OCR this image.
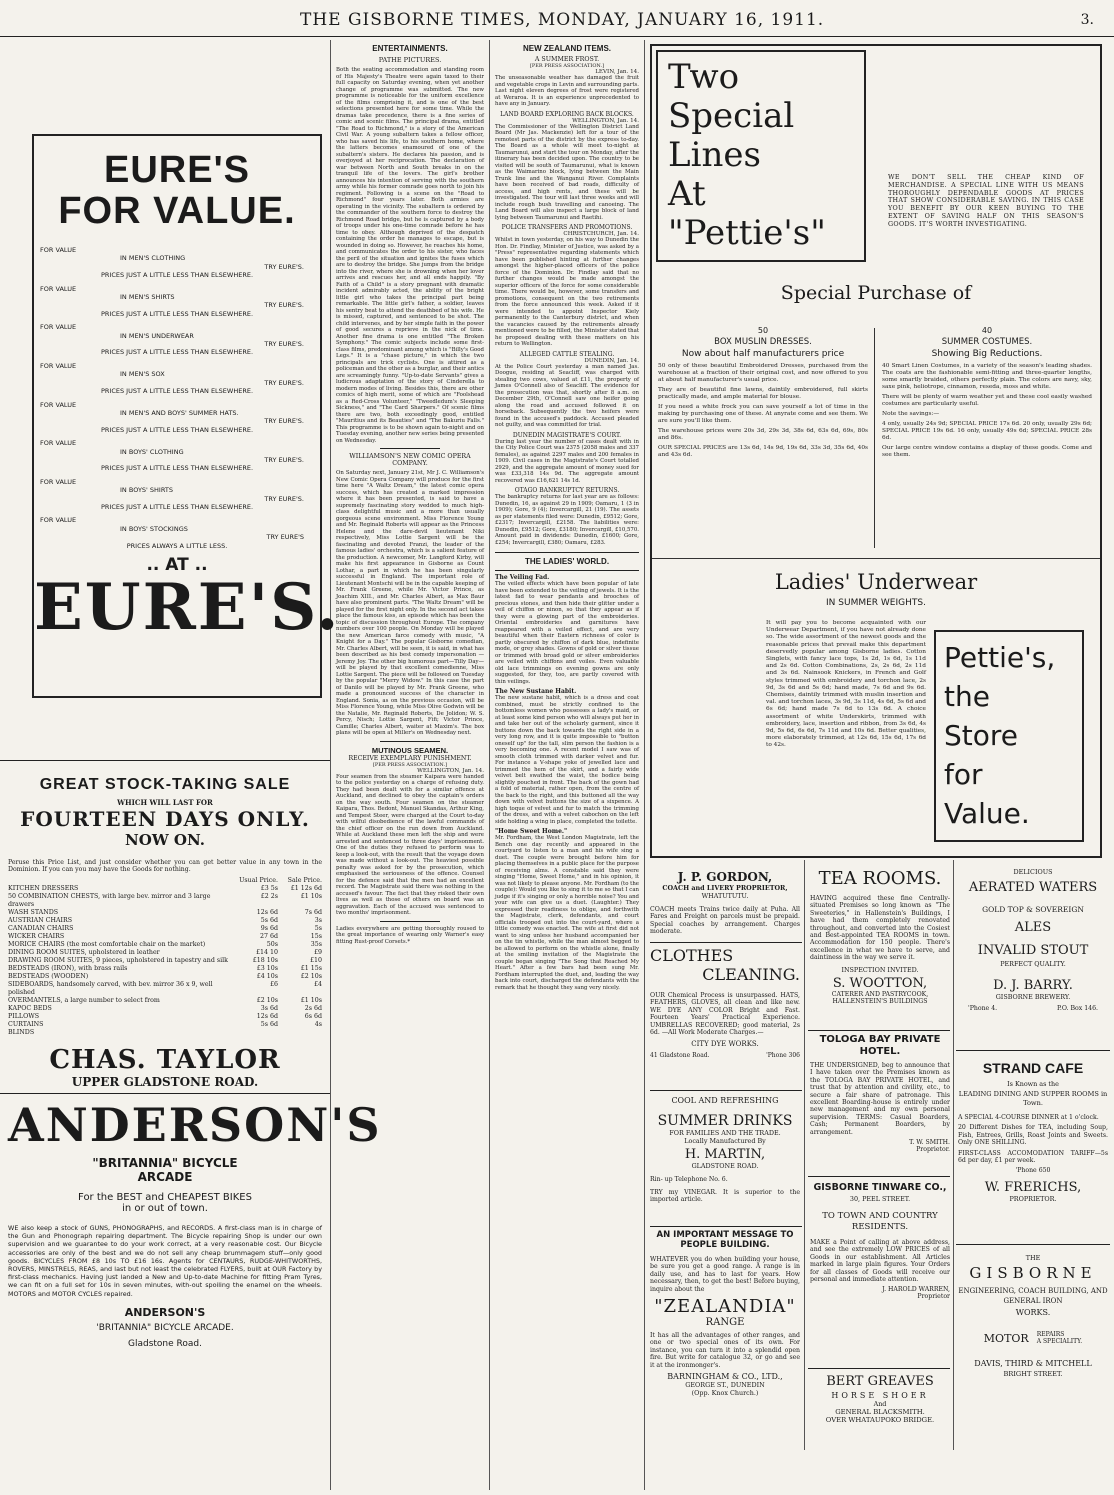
THE GISBORNE TIMES, MONDAY, JANUARY 16, 1911.	3.
EURE'S
FOR VALUE.
FOR VALUE
IN MEN'S CLOTHING
TRY EURE'S.
PRICES JUST A LITTLE LESS THAN ELSEWHERE.
FOR VALUE
IN MEN'S SHIRTS
TRY EURE'S.
PRICES JUST A LITTLE LESS THAN ELSEWHERE.
FOR VALUE
IN MEN'S UNDERWEAR
TRY EURE'S.
PRICES JUST A LITTLE LESS THAN ELSEWHERE.
FOR VALUE
IN MEN'S SOX
TRY EURE'S.
PRICES JUST A LITTLE LESS THAN ELSEWHERE.
FOR VALUE
IN MEN'S AND BOYS' SUMMER HATS.
TRY EURE'S.
PRICES JUST A LITTLE LESS THAN ELSEWHERE.
FOR VALUE
IN BOYS' CLOTHING
TRY EURE'S.
PRICES JUST A LITTLE LESS THAN ELSEWHERE.
FOR VALUE
IN BOYS' SHIRTS
TRY EURE'S.
PRICES JUST A LITTLE LESS THAN ELSEWHERE.
FOR VALUE
IN BOYS' STOCKINGS
TRY EURE'S
PRICES ALWAYS A LITTLE LESS.
.. AT ..
EURE'S.
GREAT STOCK-TAKING SALE
WHICH WILL LAST FOR
FOURTEEN DAYS ONLY.
NOW ON.

Peruse this Price List, and just consider whether you can get better value in any town in the Dominion. If you can you may have the Goods for nothing.

Usual Price.	Sale Price.
KITCHEN DRESSERS	£3 5s	£1 12s 6d
50 COMBINATION CHESTS, with large bev. mirror and 3 large drawers
£2 2s	£1 10s
WASH STANDS	12s 6d	7s 6d
AUSTRIAN CHAIRS	5s 6d	3s
CANADIAN CHAIRS	9s 6d	5s
WICKER CHAIRS	27 6d	15s
MORICE CHAIRS (the most comfortable chair on the market)	50s	35s
DINING ROOM SUITES, upholstered in leather	£14 10	£9
DRAWING ROOM SUITES, 9 pieces, upholstered in tapestry and silk	£18 10s	£10
BEDSTEADS (IRON), with brass rails	£3 10s	£1 15s
BEDSTEADS (WOODEN)	£4 10s	£2 10s
SIDEBOARDS, handsomely carved, with bev. mirror 36 x 9, well polished
£6	£4
OVERMANTELS, a large number to select from	£2 10s	£1 10s
KAPOC BEDS	3s 6d	2s 6d
PILLOWS	12s 6d	6s 6d
CURTAINS	5s 6d	4s
BLINDS
CHAS. TAYLOR
UPPER GLADSTONE ROAD.
ANDERSON'S
"BRITANNIA" BICYCLE
ARCADE
For the BEST and CHEAPEST BIKES
in or out of town.

WE also keep a stock of GUNS, PHONOGRAPHS, and RECORDS. A first-class man is in charge of the Gun and Phonograph repairing department. The Bicycle repairing Shop is under our own supervision and we guarantee to do your work correct, at a very reasonable cost. Our Bicycle accessories are only of the best and we do not sell any cheap brummagem stuff—only good goods. BICYCLES FROM £8 10s TO £16 16s. Agents for CENTAURS, RUDGE-WHITWORTHS, ROVERS, MINSTRELS, REAS, and last but not least the celebrated FLYERS, built at OUR Factory by first-class mechanics. Having just landed a New and Up-to-date Machine for fitting Pram Tyres, we can fit on a full set for 10s in seven minutes, with-out spoiling the enamel on the wheels. MOTORS and MOTOR CYCLES repaired.

ANDERSON'S
'BRITANNIA" BICYCLE ARCADE.
Gladstone Road.
ENTERTAINMENTS.
PATHE PICTURES.

Both the seating accommodation and standing room of His Majesty's Theatre were again taxed to their full capacity on Saturday evening, when yet another change of programme was submitted. The new programme is noticeable for the uniform excellence of the films comprising it, and is one of the best selections presented here for some time. While the dramas take precedence, there is a fine series of comic and scenic films. The principal drama, entitled "The Road to Richmond," is a story of the American Civil War. A young subaltern takes a fellow officer, who has saved his life, to his southern home, where the latters becomes enamoured of one of the subaltern's sisters. He declares his passion, and is overjoyed at her reciprocation. The declaration of war between North and South breaks in on the tranquil life of the lovers. The girl's brother announces his intention of serving with the southern army while his former comrade goes north to join his regiment. Following is a scene on the "Road to Richmond" four years later. Both armies are operating in the vicinity. The subaltern is ordered by the commander of the southern force to destroy the Richmond Road bridge, but he is captured by a body of troops under his one-time comrade before he has time to obey. Although deprived of the despatch containing the order he manages to escape, but is wounded in doing so. However, he reaches his home, and communicates the order to his sister, who faces the peril of the situation and ignites the fuses which are to destroy the bridge. She jumps from the bridge into the river, where she is drowning when her lover arrives and rescues her, and all ends happily. "By Faith of a Child" is a story pregnant with dramatic incident admirably acted, the ability of the bright little girl who takes the principal part being remarkable. The little girl's father, a soldier, leaves his sentry beat to attend the deathbed of his wife. He is missed, captured, and sentenced to be shot. The child intervenes, and by her simple faith in the power of good secures a reprieve in the nick of time. Another fine drama is one entitled "The Broken Symphony." The comic subjects include some first-class films, predominant among which is "Billy's Good Legs." It is a "chase picture," in which the two principals are trick cyclists. One is attired as a policeman and the other as a burglar, and their antics are screamingly funny. "Up-to-date Servants" gives a ludicrous adaptation of the story of Cinderella to modern modes of living. Besides this, there are other comics of high merit, some of which are "Foolshead as a Red-Cross Volunteer," "Tweedledum's Sleeping Sickness," and "The Card Sharpers." Of scenic films there are two, both exceedingly good, entitled "Mauritius and its Beauties" and "The Bakuriu Falls." This programme is to be shown again to-night and on Tuesday evening, another new series being presented on Wednesday.

WILLIAMSON'S NEW COMIC OPERA COMPANY.

On Saturday next, January 21st, Mr J. C. Williamson's New Comic Opera Company will produce for the first time here "A Waltz Dream," the latest comic opera success, which has created a marked impression where it has been presented, is said to have a supremely fascinating story wedded to much high-class delightful music and a more than usually gorgeous scene environment. Miss Florence Young and Mr. Reginald Roberts will appear as the Princess Helene and the dare-devil lieutenant Niki respectively, Miss Lottie Sargent will be the fascinating and devoted Franzi, the leader of the famous ladies' orchestra, which is a salient feature of the production. A newcomer, Mr. Langford Kirby, will make his first appearance in Gisborne as Count Lothar, a part in which he has been singularly successful in England. The important role of Lieutenant Montschi will be in the capable keeping of Mr. Frank Greene, while Mr. Victor Prince, as Joachim XIII., and Mr. Charles Albert, as Max Baur have also prominent parts. "The Waltz Dream" will be played for the first night only. In the second act takes place the famous kiss, an episode which has been the topic of discussion throughout Europe. The company numbers over 100 people. On Monday will be played the new American farce comedy with music, "A Knight for a Day." The popular Gisborne comedian, Mr. Charles Albert, will be seen, it is said, in what has been described as his best comedy impersonation —Jeremy Joy. The other big humorous part—Tilly Day— will be played by that excellent comedienne, Miss Lottie Sargent. The piece will be followed on Tuesday by the popular "Merry Widow." In this case the part of Danilo will be played by Mr. Frank Greene, who made a pronounced success of the character in England. Sonia, as on the previous occasion, will be Miss Florence Young, while Miss Olive Godwin will be the Natalie, Mr. Reginald Roberts, De Jolidon; W. S. Percy, Nisch; Lottie Sargent, Fifi; Victor Prince, Camille; Charles Albert, waiter at Maxim's. The box plans will be open at Miller's on Wednesday next.

MUTINOUS SEAMEN.
RECEIVE EXEMPLARY PUNISHMENT.
[PER PRESS ASSOCIATION.]
WELLINGTON, Jan. 14.

Four seamen from the steamer Kaipara were handed to the police yesterday on a charge of refusing duty. They had been dealt with for a similar offence at Auckland, and declined to obey the captain's orders on the way south. Four seamen on the steamer Kaipara, Thos. Bedont, Manuel Skandas, Arthur King, and Tempest Steer, were charged at the Court to-day with wilful disobedience of the lawful commands of the chief officer on the run down from Auckland. While at Auckland these men left the ship and were arrested and sentenced to three days' imprisonment. One of the duties they refused to perform was to keep a look-out, with the result that the voyage down was made without a look-out. The heaviest possible penalty was asked for by the prosecution, which emphasised the seriousness of the offence. Counsel for the defence said that the men had an excellent record. The Magistrate said there was nothing in the accused's favour. The fact that they risked their own lives as well as those of others on board was an aggravation. Each of the accused was sentenced to two months' imprisonment.

Ladies everywhere are getting thoroughly roused to the great importance of wearing only Warner's easy fitting Rust-proof Corsets.*

NEW ZEALAND ITEMS.
A SUMMER FROST.
[PER PRESS ASSOCIATION.]
LEVIN, Jan. 14.

The unseasonable weather has damaged the fruit and vegetable crops in Levin and surrounding parts. Last night eleven degrees of frost were registered at Weraroa. It is an experience unprecedented to have any in January.

LAND BOARD EXPLORING BACK BLOCKS.
WELLINGTON, Jan. 14.

The Commissioner of the Wellington District Land Board (Mr Jas. Mackenzie) left for a tour of the remotest parts of the district by the express to-day. The Board as a whole will meet to-night at Taumarunui, and start the tour on Monday, after the itinerary has been decided upon. The country to be visited will be south of Taumarunui, what is known as the Waimarino block, lying between the Main Trunk line and the Wanganui River. Complaints have been received of bad roads, difficulty of access, and high rents, and these will be investigated. The tour will last three weeks and will include rough bush travelling and canoeing. The Land Board will also inspect a large block of land lying between Taumarunui and Raetihi.

POLICE TRANSFERS AND PROMOTIONS.
CHRISTCHURCH, Jan. 14.

Whilst in town yesterday, on his way to Dunedin the Hon. Dr. Findlay, Minister of Justice, was asked by a "Press" representative regarding statements which have been published hinting at further changes amongst the higher-placed officers of the police force of the Dominion. Dr. Findlay said that no further changes would be made amongst the superior officers of the force for some considerable time. There would be, however, some transfers and promotions, consequent on the two retirements from the force announced this week. Asked if it were intended to appoint Inspector Kiely permanently to the Canterbury district, and when the vacancies caused by the retirements already mentioned were to be filled, the Minister stated that he proposed dealing with these matters on his return to Wellington.

ALLEGED CATTLE STEALING.
DUNEDIN, Jan. 14.

At the Police Court yesterday a man named Jas. Doogue, residing at Seacliff, was charged with stealing two cows, valued at £11, the property of James O'Connell also of Seacliff. The evidence for the prosecution was that, shortly after 8 a.m. on December 29th, O'Connell saw one heifer going along the road and accused followed it on horseback. Subsequently the two heifers were found in the accused's paddock. Accused pleaded not guilty, and was committed for trial.

DUNEDIN MAGISTRATE'S COURT.

During last year the number of cases dealt with in the City Police Court was 2375 (2058 males and 337 females), as against 2297 males and 200 females in 1909. Civil cases in the Magistrate's Court totalled 2929, and the aggregate amount of money sued for was £33,318 14s 9d. The aggregate amount recovered was £16,621 14s 1d.

OTAGO BANKRUPTCY RETURNS.

The bankruptcy returns for last year are as follows: Dunedin, 16, as against 29 in 1909; Oamaru, 1 (3 in 1909); Gore, 9 (4); Invercargill, 21 (19). The assets as per statements filed were: Dunedin, £9512; Gore, £2317; Invercargill, £2158. The liabilities were: Dunedin, £9512; Gore, £3180; Invercargill, £10,570. Amount paid in dividends: Dunedin, £1600; Gore, £254; Invercargill, £380; Oamaru, £283.

THE LADIES' WORLD.
The Veiling Fad.

The veiled effects which have been popular of late have been extended to the veiling of jewels. It is the latest fad to wear pendants and brooches of precious stones, and then hide their glitter under a veil of chiffon or ninon, so that they appear as if they were a glowing part of the embroideries. Oriental embroideries and garnitures have reappeared with a veiled effect, and are very beautiful when their Eastern richness of color is partly obscured by chiffon of dark blue, indefinite mode, or grey shades. Gowns of gold or silver tissue or trimmed with broad gold or silver embroideries are veiled with chiffons and voiles. Even valuable old lace trimmings on evening gowns are only suggested, for they, too, are partly covered with thin veilings.

The New Sustane Habit.

The new sustane habit, which is a dress and coat combined, must be strictly confined to the bottomless women who possesses a lady's maid, or at least some kind person who will always put her in and take her out of the scholarly garment, since it buttons down the back towards the right side in a very long row, and it is quite impossible to "button oneself up" for the tall, slim person the fashion is a very becoming one. A recent model I saw was of smooth cloth trimmed with darker velvet and fur. For instance a V-shape yoke of jewelled lace and trimmed the hem of the skirt, and a fairly wide velvet belt swathed the waist, the bodice being slightly pouched in front. The back of the gown had a fold of material, rather open, from the centre of the back to the right, and this buttoned all the way down with velvet buttons the size of a sixpence. A high toque of velvet and fur to match the trimming of the dress, and with a velvet cabochon on the left side holding a wing in place, completed the toilette.

"Home Sweet Home."

Mr. Fordham, the West London Magistrate, left the Bench one day recently and appeared in the courtyard to listen to a man and his wife sing a duet. The couple were brought before him for placing themselves in a public place for the purpose of receiving alms. A constable said they were singing "Home, Sweet Home," and in his opinion, it was not likely to please anyone. Mr. Fordham (to the couple): Would you like to sing it to me so that I can judge if it's singing or only a horrible noise? You and your wife can give us a duet. (Laughter.) They expressed their readiness to oblige, and forthwith the Magistrate, clerk, defendants, and court officials trooped out into the court-yard, where a little comedy was enacted. The wife at first did not want to sing unless her husband accompanied her on the tin whistle, while the man almost begged to be allowed to perform on the whistle alone, finally at the smiling invitation of the Magistrate the couple began singing "The Song that Reached My Heart." After a few bars had been sung Mr. Fordham interrupted the duet, and, leading the way back into court, discharged the defendants with the remark that he thought they sang very nicely.

Two
Special
Lines
At
"Pettie's"

WE DON'T SELL THE CHEAP KIND OF MERCHANDISE. A SPECIAL LINE WITH US MEANS THOROUGHLY DEPENDABLE GOODS AT PRICES THAT SHOW CONSIDERABLE SAVING. IN THIS CASE YOU BENEFIT BY OUR KEEN BUYING TO THE EXTENT OF SAVING HALF ON THIS SEASON'S GOODS. IT'S WORTH INVESTIGATING.

Special Purchase of
50
BOX MUSLIN DRESSES.
Now about half manufacturers price

50 only of these beautiful Embroidered Dresses, purchased from the warehouse at a fraction of their original cost, and now offered to you at about half manufacturer's usual price.

They are of beautiful fine lawns, daintily embroidered, full skirts practically made, and ample material for blouse.

If you need a white frock you can save yourself a lot of time in the making by purchasing one of these. At anyrate come and see them. We are sure you'll like them.

The warehouse prices were 20s 3d, 29s 3d, 38s 6d, 63s 6d, 69s, 80s and 86s.

OUR SPECIAL PRICES are 13s 6d, 14s 9d, 19s 6d, 33s 3d, 35s 6d, 40s and 43s 6d.

40
SUMMER COSTUMES.
Showing Big Reductions.

40 Smart Linen Costumes, in a variety of the season's leading shades. The coats are the fashionable semi-fitting and three-quarter lengths, some smartly braided, others perfectly plain. The colors are navy, sky, saxe pink, heliotrope, cinnamon, reseda, moss and white.

There will be plenty of warm weather yet and these cool easily washed costumes are particularly useful.

Note the savings:—

4 only, usually 24s 9d; SPECIAL PRICE 17s 6d. 20 only, usually 29s 6d; SPECIAL PRICE 19s 6d. 16 only, usually 49s 6d; SPECIAL PRICE 28s 6d.

Our large centre window contains a display of these goods. Come and see them.

Ladies' Underwear
IN SUMMER WEIGHTS.

It will pay you to become acquainted with our Underwear Department, if you have not already done so. The wide assortment of the newest goods and the reasonable prices that prevail make this department deservedly popular among Gisborne ladies. Cotton Singlets, with fancy lace tops, 1s 2d, 1s 6d, 1s 11d and 2s 6d. Cotton Combinations, 2s, 2s 6d, 2s 11d and 3s 6d. Nainsook Knickers, in French and Golf styles trimmed with embroidery and torchon lace, 2s 9d, 3s 6d and 5s 6d; hand made, 7s 6d and 9s 6d. Chemises, daintily trimmed with muslin insertion and val. and torchon laces, 3s 9d, 3s 11d, 4s 6d, 5s 6d and 6s 6d; hand made 7s 6d to 13s 6d. A choice assortment of white Underskirts, trimmed with embroidery, lace, insertion and ribbon, from 3s 6d, 4s 9d, 5s 6d, 6s 6d, 7s 11d and 10s 6d. Better qualities, more elaborately trimmed, at 12s 6d, 15s 6d, 17s 6d to 42s.

Pettie's,
the
Store
for
Value.
J. P. GORDON,
COACH and LIVERY PROPRIETOR,
WHATUTUTU.

COACH meets Trains twice daily at Puha. All Fares and Freight on parcels must be prepaid. Special coaches by arrangement. Charges moderate.

CLOTHES
CLEANING.

OUR Chemical Process is unsurpassed. HATS, FEATHERS, GLOVES, all clean and like new. WE DYE ANY COLOR Bright and Fast. Fourteen Years' Practical Experience. UMBRELLAS RECOVERED; good material, 2s 6d. —All Work Moderate Charges.—

CITY DYE WORKS.
41 Gladstone Road.	'Phone 306
COOL AND REFRESHING
SUMMER DRINKS
FOR FAMILIES AND THE TRADE.
Locally Manufactured By
H. MARTIN,
GLADSTONE ROAD.
Rin- up Telephone No. 6.

TRY my VINEGAR. It is superior to the imported article.

AN IMPORTANT MESSAGE TO PEOPLE BUILDING.

WHATEVER you do when building your house, be sure you get a good range. A range is in daily use, and has to last for years. How necessary, then, to get the best! Before buying, inquire about the

"ZEALANDIA"
RANGE

It has all the advantages of other ranges, and one or two special ones of its own. For instance, you can turn it into a splendid open fire. But write for catalogue 32, or go and see it at the ironmonger's.

BARNINGHAM & CO., LTD.,
GEORGE ST., DUNEDIN
(Opp. Knox Church.)
TEA ROOMS.

HAVING acquired these fine Centrally-situated Premises so long known as "The Sweeteries," in Hallenstein's Buildings, I have had them completely renovated throughout, and converted into the Cosiest and Best-appointed TEA ROOMS in town. Accommodation for 150 people. There's excellence in what we have to serve, and daintiness in the way we serve it.

INSPECTION INVITED.
S. WOOTTON,
CATERER AND PASTRYCOOK,
HALLENSTEIN'S BUILDINGS
TOLOGA BAY PRIVATE HOTEL.

THE UNDERSIGNED, beg to announce that I have taken over the Premises known as the TOLOGA BAY PRIVATE HOTEL, and trust that by attention and civility, etc., to secure a fair share of patronage. This excellent Boarding-house is entirely under new management and my own personal supervision. TERMS: Casual Boarders, Cash; Permanent Boarders, by arrangement.

T. W. SMITH.
Proprietor.
GISBORNE TINWARE CO.,
30, PEEL STREET.
TO TOWN AND COUNTRY RESIDENTS.

MAKE a Point of calling at above address, and see the extremely LOW PRICES of all Goods in our establishment. All Articles marked in large plain figures. Your Orders for all classes of Goods will receive our personal and immediate attention.

J. HAROLD WARREN,
Proprietor
BERT GREAVES
HORSE SHOER
And
GENERAL BLACKSMITH.
OVER WHATAUPOKO BRIDGE.
DELICIOUS
AERATED WATERS
GOLD TOP & SOVEREIGN
ALES
INVALID STOUT
PERFECT QUALITY.
D. J. BARRY.
GISBORNE BREWERY.
'Phone 4.	P.O. Box 146.
STRAND CAFE
Is Known as the
LEADING DINING AND SUPPER ROOMS in Town.

A SPECIAL 4-COURSE DINNER at 1 o'clock.

20 Different Dishes for TEA, including Soup, Fish, Entrees, Grills, Roast Joints and Sweets. Only ONE SHILLING.

FIRST-CLASS ACCOMODATION TARIFF—5s 6d per day, £1 per week.

'Phone 650
W. FRERICHS,
PROPRIETOR.
THE
GISBORNE
ENGINEERING, COACH BUILDING, AND GENERAL IRON
WORKS.
MOTOR REPAIRS
A SPECIALITY.
DAVIS, THIRD & MITCHELL
BRIGHT STREET.
